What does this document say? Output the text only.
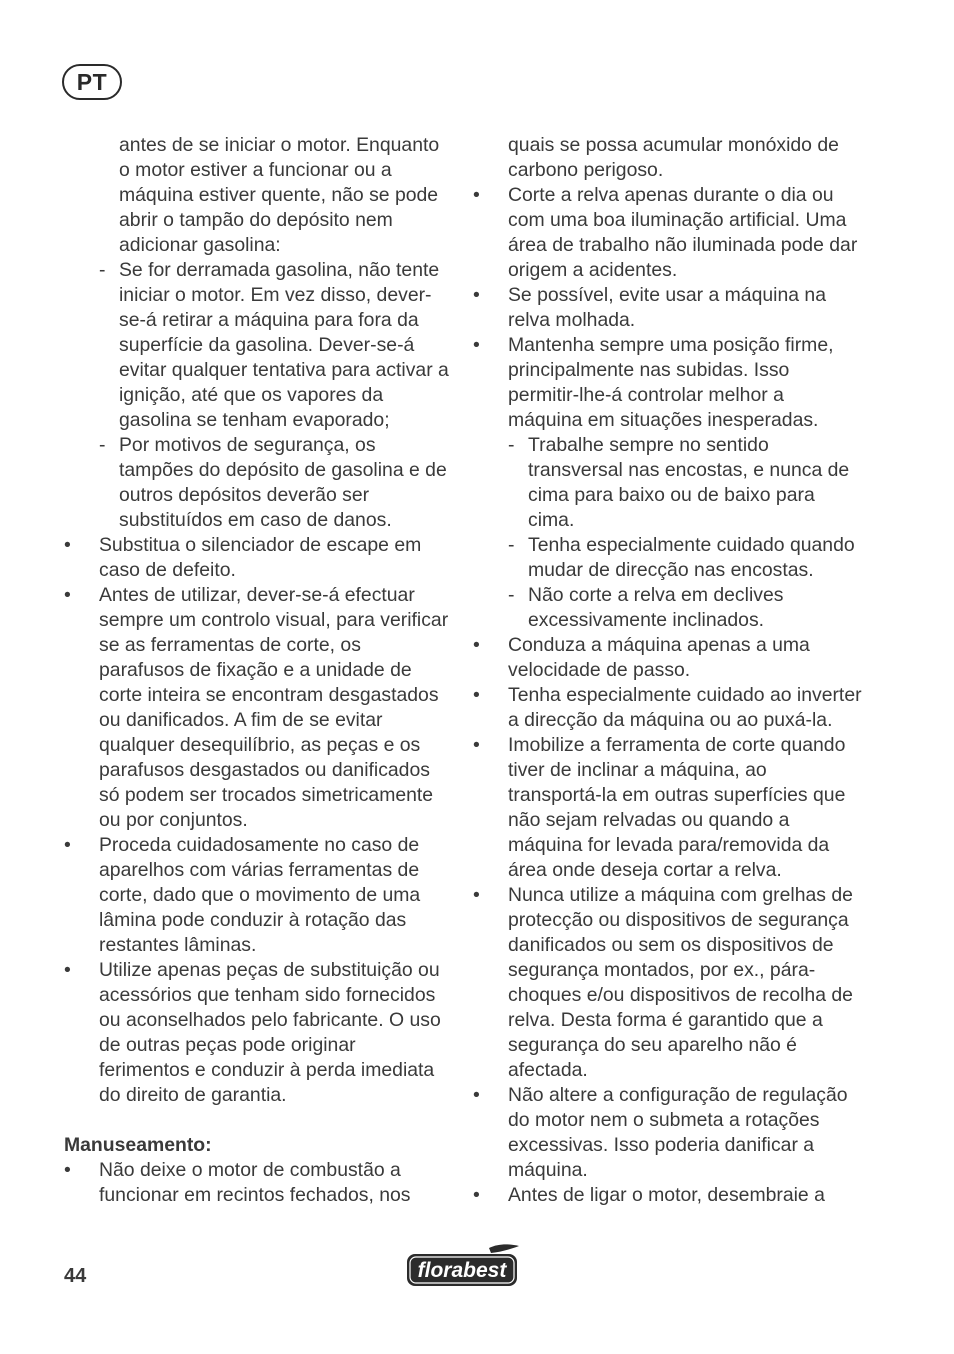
PT
antes de se iniciar o motor. Enquanto o motor estiver a funcionar ou a máquina estiver quente, não se pode abrir o tampão do depósito nem adicionar gasolina:
- Se for derramada gasolina, não tente iniciar o motor. Em vez disso, dever-se-á retirar a máquina para fora da superfície da gasolina. Dever-se-á evitar qualquer tentativa para activar a ignição, até que os vapores da gasolina se tenham evaporado;
- Por motivos de segurança, os tampões do depósito de gasolina e de outros depósitos deverão ser substituídos em caso de danos.
• Substitua o silenciador de escape em caso de defeito.
• Antes de utilizar, dever-se-á efectuar sempre um controlo visual, para verificar se as ferramentas de corte, os parafusos de fixação e a unidade de corte inteira se encontram desgastados ou danificados. A fim de se evitar qualquer desequilíbrio, as peças e os parafusos desgastados ou danificados só podem ser trocados simetricamente ou por conjuntos.
• Proceda cuidadosamente no caso de aparelhos com várias ferramentas de corte, dado que o movimento de uma lâmina pode conduzir à rotação das restantes lâminas.
• Utilize apenas peças de substituição ou acessórios que tenham sido fornecidos ou aconselhados pelo fabricante. O uso de outras peças pode originar ferimentos e conduzir à perda imediata do direito de garantia.
Manuseamento:
• Não deixe o motor de combustão a funcionar em recintos fechados, nos
quais se possa acumular monóxido de carbono perigoso.
• Corte a relva apenas durante o dia ou com uma boa iluminação artificial. Uma área de trabalho não iluminada pode dar origem a acidentes.
• Se possível, evite usar a máquina na relva molhada.
• Mantenha sempre uma posição firme, principalmente nas subidas. Isso permitir-lhe-á controlar melhor a máquina em situações inesperadas.
- Trabalhe sempre no sentido transversal nas encostas, e nunca de cima para baixo ou de baixo para cima.
- Tenha especialmente cuidado quando mudar de direcção nas encostas.
- Não corte a relva em declives excessivamente inclinados.
• Conduza a máquina apenas a uma velocidade de passo.
• Tenha especialmente cuidado ao inverter a direcção da máquina ou ao puxá-la.
• Imobilize a ferramenta de corte quando tiver de inclinar a máquina, ao transportá-la em outras superfícies que não sejam relvadas ou quando a máquina for levada para/removida da área onde deseja cortar a relva.
• Nunca utilize a máquina com grelhas de protecção ou dispositivos de segurança danificados ou sem os dispositivos de segurança montados, por ex., pára-choques e/ou dispositivos de recolha de relva. Desta forma é garantido que a segurança do seu aparelho não é afectada.
• Não altere a configuração de regulação do motor nem o submeta a rotações excessivas. Isso poderia danificar a máquina.
• Antes de ligar o motor, desembraie a
44	florabest
